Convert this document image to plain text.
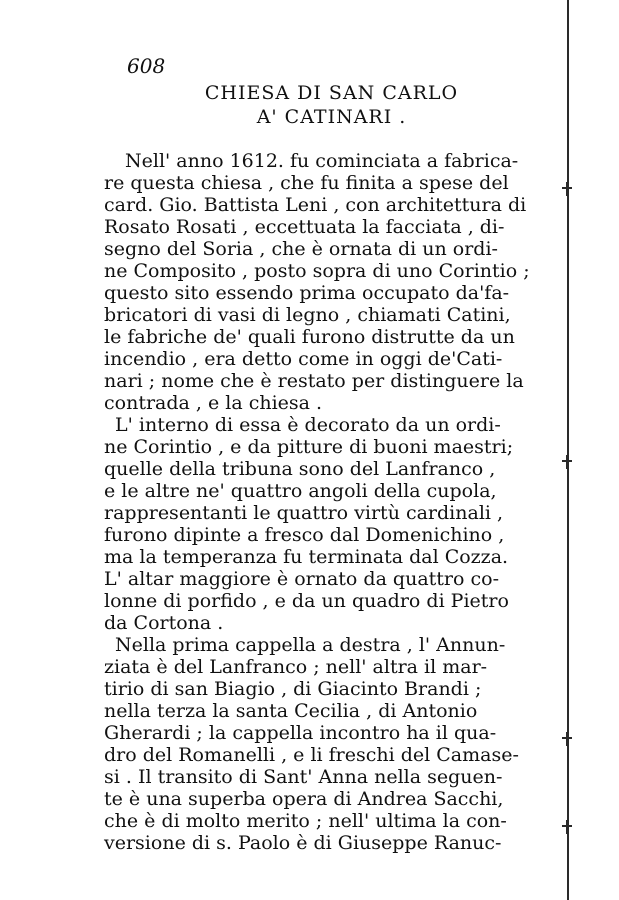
608
CHIESA DI SAN CARLO
A' CATINARI .
Nell' anno 1612. fu cominciata a fabrica-
re questa chiesa , che fu finita a spese del
card. Gio. Battista Leni , con architettura di
Rosato Rosati , eccettuata la facciata , di-
segno del Soria , che è ornata di un ordi-
ne Composito , posto sopra di uno Corintio ;
questo sito essendo prima occupato da'fa-
bricatori di vasi di legno , chiamati Catini,
le fabriche de' quali furono distrutte da un
incendio , era detto come in oggi de'Cati-
nari ; nome che è restato per distinguere la
contrada , e la chiesa .
L' interno di essa è decorato da un ordi-
ne Corintio , e da pitture di buoni maestri;
quelle della tribuna sono del Lanfranco ,
e le altre ne' quattro angoli della cupola,
rappresentanti le quattro virtù cardinali ,
furono dipinte a fresco dal Domenichino ,
ma la temperanza fu terminata dal Cozza.
L' altar maggiore è ornato da quattro co-
lonne di porfido , e da un quadro di Pietro
da Cortona .
Nella prima cappella a destra , l' Annun-
ziata è del Lanfranco ; nell' altra il mar-
tirio di san Biagio , di Giacinto Brandi ;
nella terza la santa Cecilia , di Antonio
Gherardi ; la cappella incontro ha il qua-
dro del Romanelli , e li freschi del Camase-
si . Il transito di Sant' Anna nella seguen-
te è una superba opera di Andrea Sacchi,
che è di molto merito ; nell' ultima la con-
versione di s. Paolo è di Giuseppe Ranuc-
